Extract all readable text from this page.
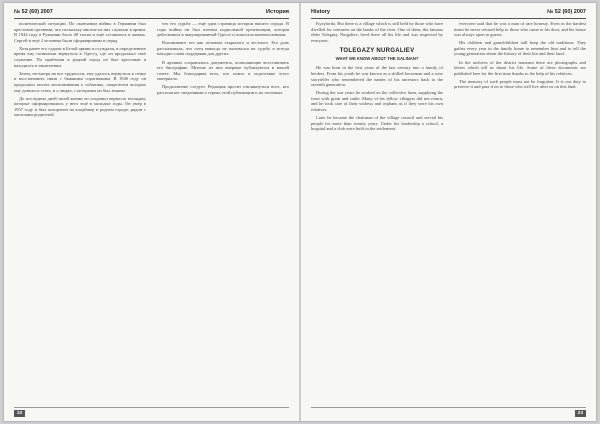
№ 52 (60) 2007	История

политической ситуации. По окончании войны в Германии был арестован органами, что поскольку многие из них служили в армии. В 1944 году в Румынии было 48 тысяч и ещё оставались в живых. Сергей и ещё 2 человека были сформированы в отряд.

Хотя ранее его судили в Белой армии и осуждали, в определенное время ему позволили вернуться в Одессу, где он продолжал своё служение. По прибытии в родной город он был арестован и находился в заключении.

Затем, несмотря на все трудности, ему удалось вернуться к семье и восстановить связи с бывшими соратниками. В 1946 году он продолжал писать воспоминания о событиях, свидетелем которых ему довелось стать, и о людях, с которыми он был знаком.

До последних дней своей жизни он сохранил верность взглядам, которые сформировались у него ещё в молодые годы. Он умер в 1957 году и был похоронен на кладбище в родном городе, рядом с могилами родителей.

что его судьба — ещё одна страница истории нашего города. В годы войны он был членом подпольной организации, которая действовала в оккупированной Одессе и помогала военнопленным.

Вспоминают его как человека открытого и честного. Его дочь рассказывала, что отец никогда не жаловался на судьбу и всегда находил слова поддержки для других.

В архивах сохранились документы, позволяющие восстановить его биографию. Многие из них впервые публикуются в нашей газете. Мы благодарим всех, кто помог в подготовке этого материала.

Продолжение следует. Редакция просит откликнуться всех, кто располагает сведениями о героях этой публикации и их потомках.

22
History	№ 52 (60) 2007

Kyzylorda. But there is a village which is still held by those who have dwelled for centuries on the banks of the river. One of them, the famous elder Tolegazy Nurgaliev, lived there all his life and was respected by everyone.

TOLEGAZY NURGALIEV
WHAT WE KNOW ABOUT THE GALINAN?

He was born in the first years of the last century into a family of herders. From his youth he was known as a skilled horseman and a wise storyteller who remembered the names of his ancestors back to the seventh generation.

During the war years he worked on the collective farm, supplying the front with grain and cattle. Many of his fellow villagers did not return, and he took care of their widows and orphans as if they were his own relatives.

Later he became the chairman of the village council and served his people for more than twenty years. Under his leadership a school, a hospital and a club were built in the settlement.

everyone said that he was a man of rare honesty. Even in the hardest times he never refused help to those who came to his door, and his house was always open to guests.

His children and grandchildren still keep the old traditions. They gather every year in the family home to remember him and to tell the young generation about the history of their kin and their land.

In the archives of the district museum there are photographs and letters which tell us about his life. Some of these documents are published here for the first time thanks to the help of his relatives.

The memory of such people must not be forgotten. It is our duty to preserve it and pass it on to those who will live after us on this land.

23
